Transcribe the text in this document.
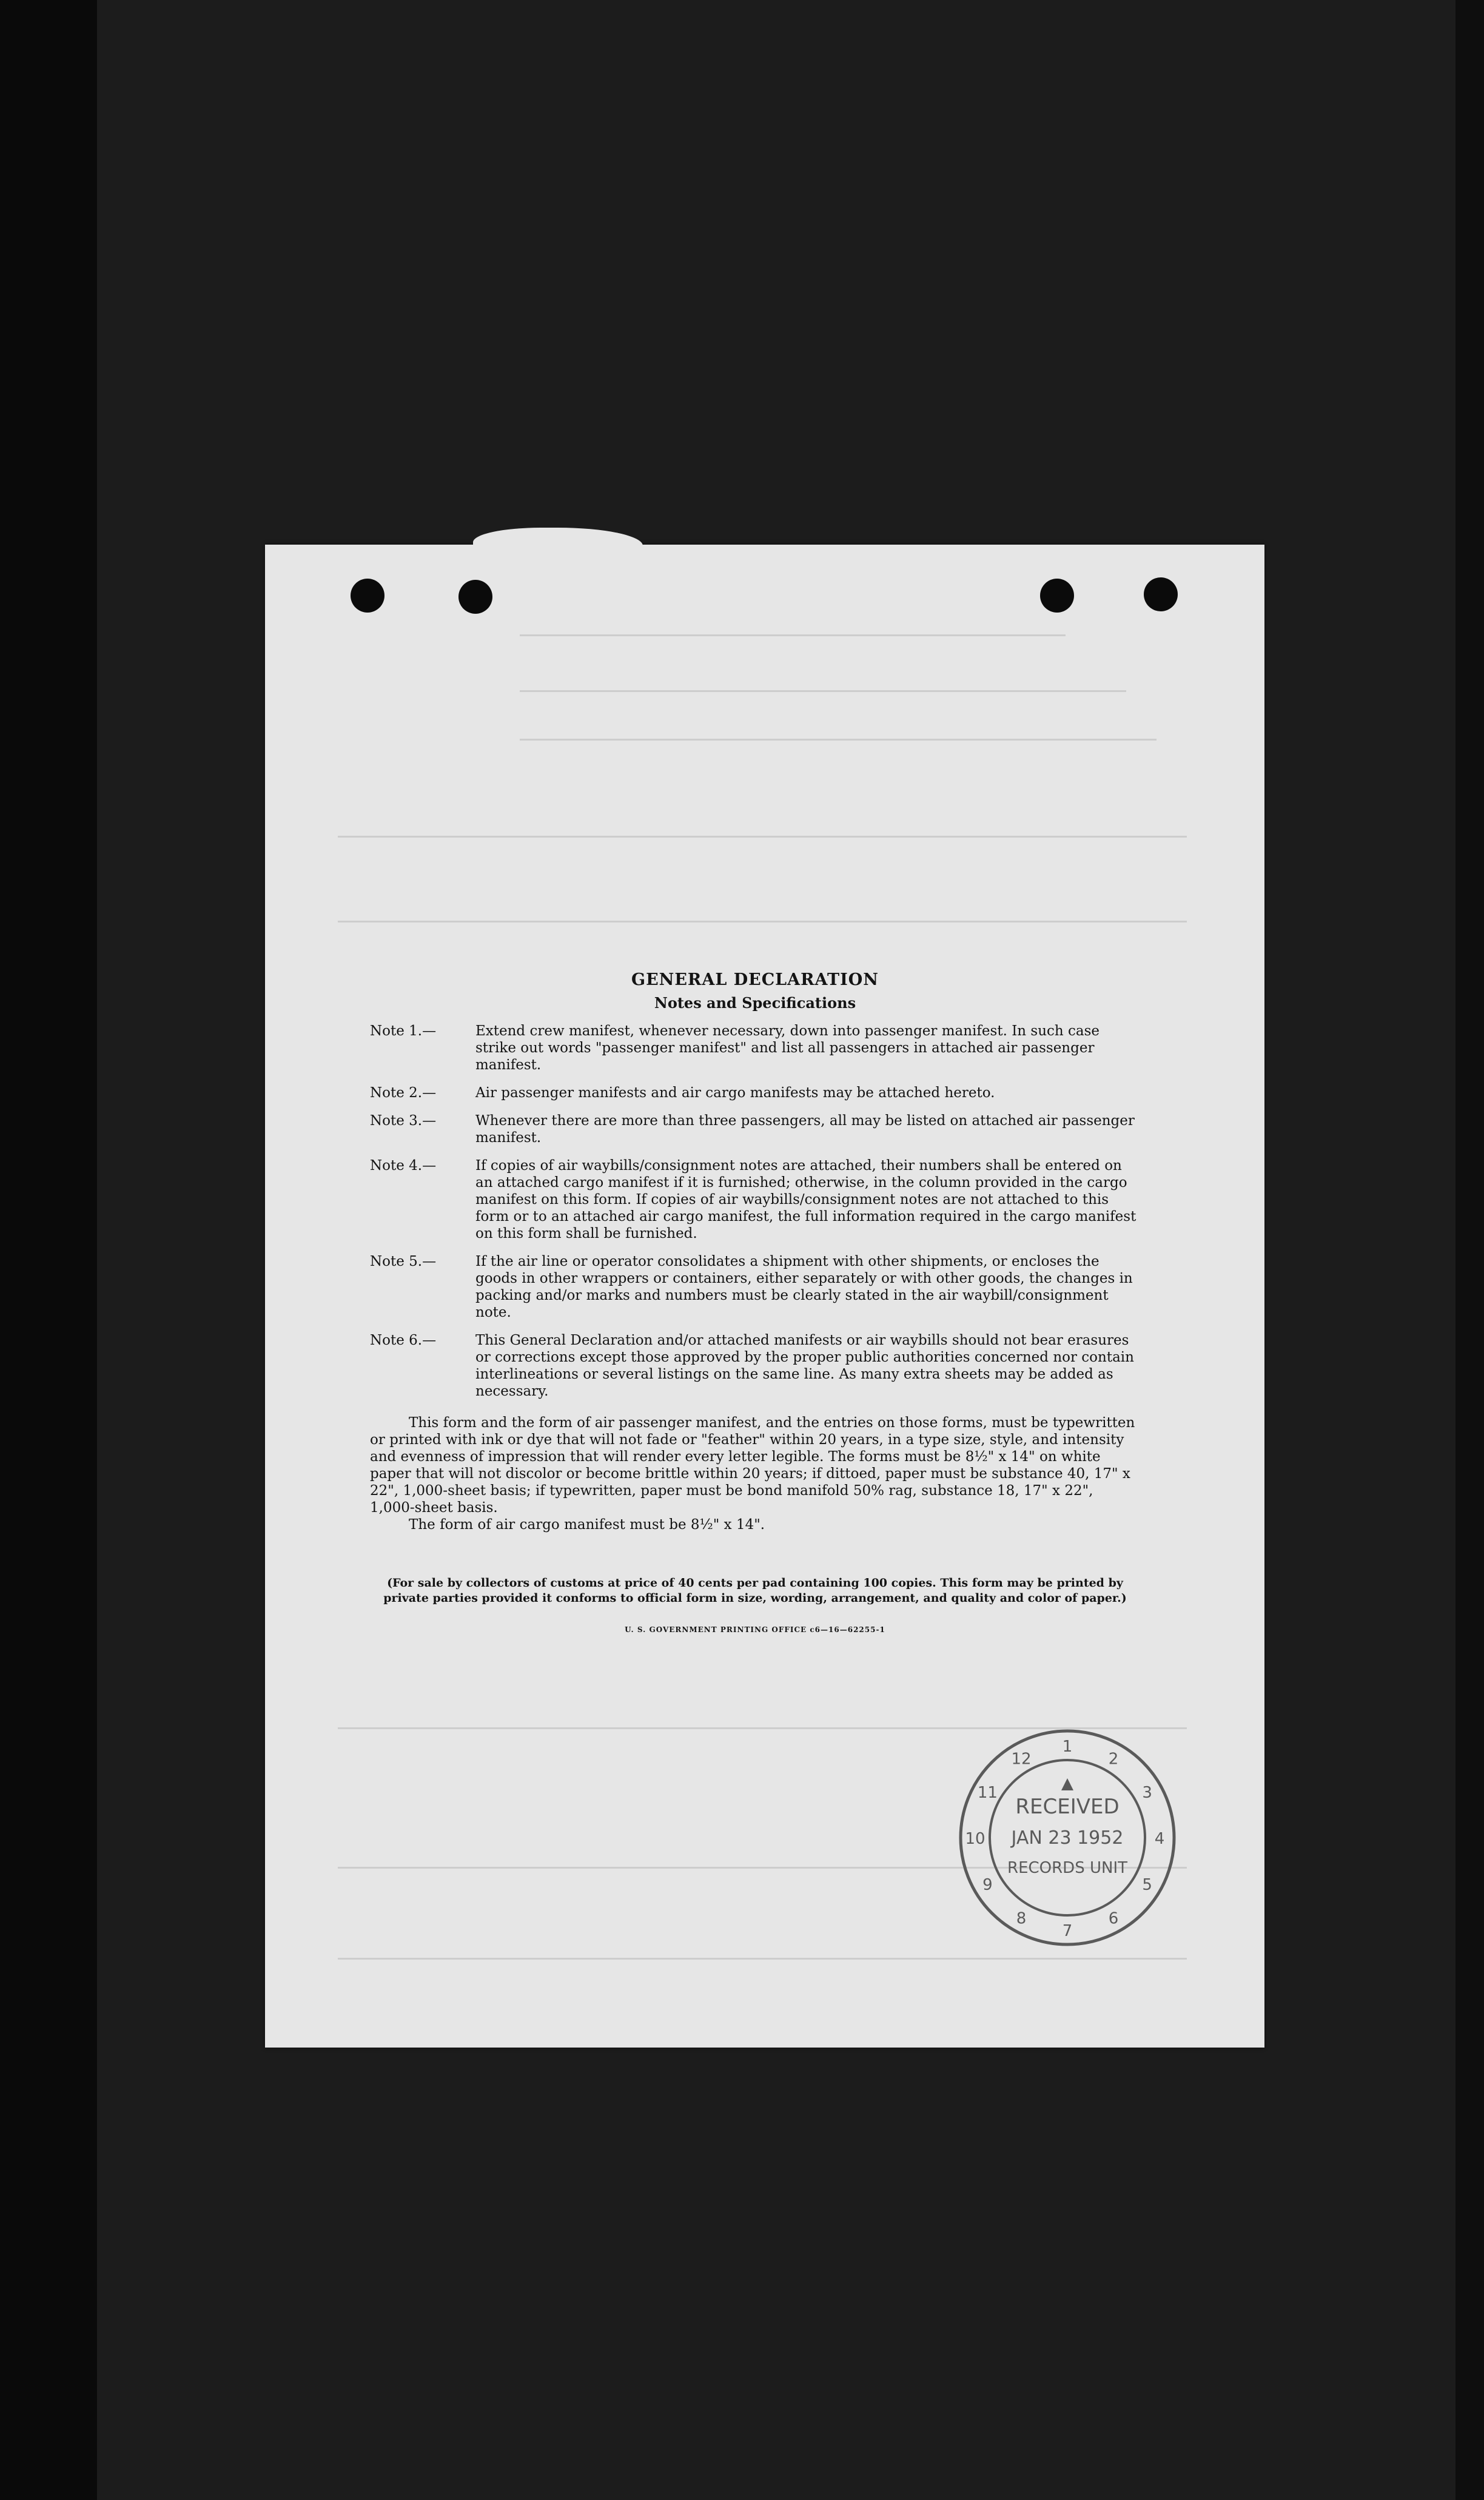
GENERAL DECLARATION
Notes and Specifications
Note 1.—	Extend crew manifest, whenever necessary, down into passenger manifest. In such case strike out words "passenger manifest" and list all passengers in attached air passenger manifest.
Note 2.—	Air passenger manifests and air cargo manifests may be attached hereto.
Note 3.—	Whenever there are more than three passengers, all may be listed on attached air passenger manifest.
Note 4.—	If copies of air waybills/consignment notes are attached, their numbers shall be entered on an attached cargo manifest if it is furnished; otherwise, in the column provided in the cargo manifest on this form. If copies of air waybills/consignment notes are not attached to this form or to an attached air cargo manifest, the full information required in the cargo manifest on this form shall be furnished.
Note 5.—	If the air line or operator consolidates a shipment with other shipments, or encloses the goods in other wrappers or containers, either separately or with other goods, the changes in packing and/or marks and numbers must be clearly stated in the air waybill/consignment note.
Note 6.—	This General Declaration and/or attached manifests or air waybills should not bear erasures or corrections except those approved by the proper public authorities concerned nor contain interlineations or several listings on the same line. As many extra sheets may be added as necessary.

This form and the form of air passenger manifest, and the entries on those forms, must be typewritten or printed with ink or dye that will not fade or "feather" within 20 years, in a type size, style, and intensity and evenness of impression that will render every letter legible. The forms must be 8½" x 14" on white paper that will not discolor or become brittle within 20 years; if dittoed, paper must be substance 40, 17" x 22", 1,000-sheet basis; if typewritten, paper must be bond manifold 50% rag, substance 18, 17" x 22", 1,000-sheet basis.

The form of air cargo manifest must be 8½" x 14".

(For sale by collectors of customs at price of 40 cents per pad containing 100 copies. This form may be printed by private parties provided it conforms to official form in size, wording, arrangement, and quality and color of paper.)
U. S. GOVERNMENT PRINTING OFFICE c6—16—62255-1
1
2
3
4
5
6
7
8
9
10
11
12
RECEIVED
JAN 23 1952
RECORDS UNIT
